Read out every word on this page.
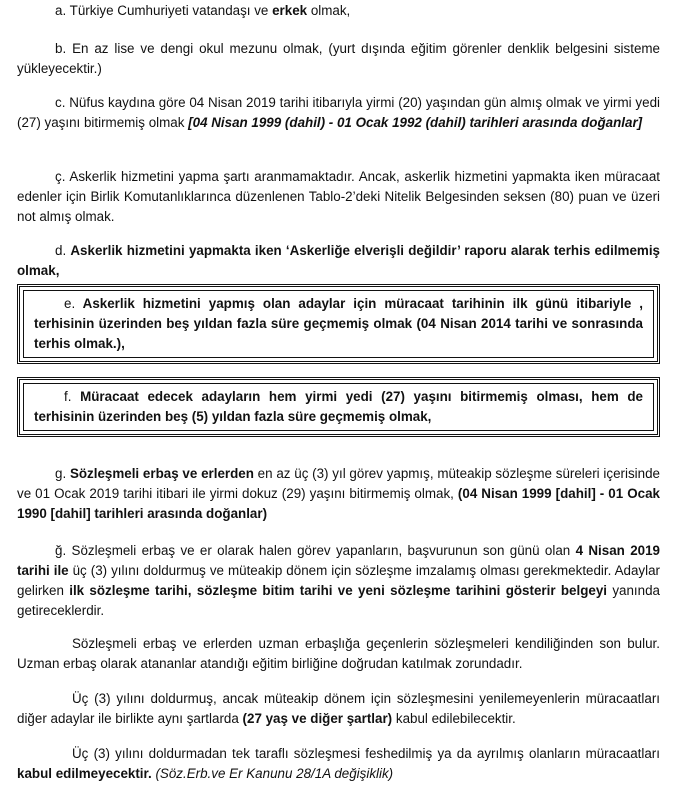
a. Türkiye Cumhuriyeti vatandaşı ve erkek olmak,
b. En az lise ve dengi okul mezunu olmak, (yurt dışında eğitim görenler denklik belgesini sisteme yükleyecektir.)
c. Nüfus kaydına göre 04 Nisan 2019 tarihi itibarıyla yirmi (20) yaşından gün almış olmak ve yirmi yedi (27) yaşını bitirmemiş olmak [04 Nisan 1999 (dahil) - 01 Ocak 1992 (dahil) tarihleri arasında doğanlar]
ç. Askerlik hizmetini yapma şartı aranmamaktadır. Ancak, askerlik hizmetini yapmakta iken müracaat edenler için Birlik Komutanlıklarınca düzenlenen Tablo-2’deki Nitelik Belgesinden seksen (80) puan ve üzeri not almış olmak.
d. Askerlik hizmetini yapmakta iken ‘Askerliğe elverişli değildir’ raporu alarak terhis edilmemiş olmak,
e. Askerlik hizmetini yapmış olan adaylar için müracaat tarihinin ilk günü itibariyle , terhisinin üzerinden beş yıldan fazla süre geçmemiş olmak (04 Nisan 2014 tarihi ve sonrasında terhis olmak.),
f. Müracaat edecek adayların hem yirmi yedi (27) yaşını bitirmemiş olması, hem de terhisinin üzerinden beş (5) yıldan fazla süre geçmemiş olmak,
g. Sözleşmeli erbaş ve erlerden en az üç (3) yıl görev yapmış, müteakip sözleşme süreleri içerisinde ve 01 Ocak 2019 tarihi itibari ile yirmi dokuz (29) yaşını bitirmemiş olmak, (04 Nisan 1999 [dahil] - 01 Ocak 1990 [dahil] tarihleri arasında doğanlar)
ğ. Sözleşmeli erbaş ve er olarak halen görev yapanların, başvurunun son günü olan 4 Nisan 2019 tarihi ile üç (3) yılını doldurmuş ve müteakip dönem için sözleşme imzalamış olması gerekmektedir. Adaylar gelirken ilk sözleşme tarihi, sözleşme bitim tarihi ve yeni sözleşme tarihini gösterir belgeyi yanında getireceklerdir.
Sözleşmeli erbaş ve erlerden uzman erbaşlığa geçenlerin sözleşmeleri kendiliğinden son bulur. Uzman erbaş olarak atananlar atandığı eğitim birliğine doğrudan katılmak zorundadır.
Üç (3) yılını doldurmuş, ancak müteakip dönem için sözleşmesini yenilemeyenlerin müracaatları diğer adaylar ile birlikte aynı şartlarda (27 yaş ve diğer şartlar) kabul edilebilecektir.
Üç (3) yılını doldurmadan tek taraflı sözleşmesi feshedilmiş ya da ayrılmış olanların müracaatları kabul edilmeyecektir. (Söz.Erb.ve Er Kanunu 28/1A değişiklik)
